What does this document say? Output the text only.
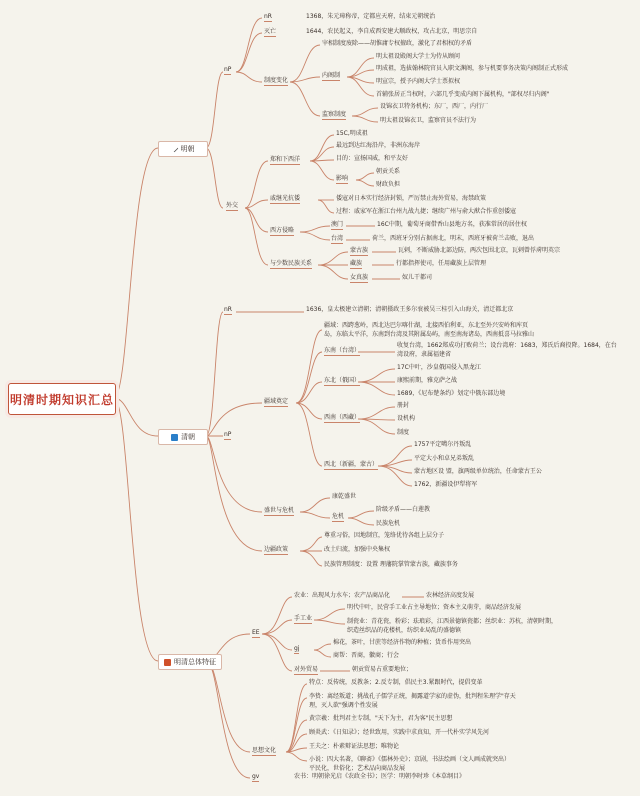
明清时期知识汇总
明朝
清朝
明清总体特征
nP
外交
nR	1368，朱元璋称帝，定都应天府，结束元朝统治
灭亡	1644，农民起义，李自成西安建大顺政权，攻占北京，明思宗自
制度变化
宰相制度废除——胡惟庸专权擅政，激化了君相权的矛盾
内阁制
明太祖设殿阁大学士为侍从顾问
明成祖，选拔翰林院官员入职文渊阁，参与机要事务决策内阁制正式形成
明宣宗，授予内阁大学士票拟权
首辅张居正当权时，六部几乎变成内阁下属机构，"部权尽归内阁"
监察制度
设锦衣卫特务机构；东厂，西厂，内行厂
明太祖设锦衣卫，监察官员不法行为
郑和下西洋
15C,明成祖
最远到达红海沿岸，非洲东海岸
目的：宣扬国威，和平友好
影响
朝贡关系
财政负担
戚继光抗倭	倭寇对日本实行经济封锁，严厉禁止海外贸易，海禁政策
过程：戚家军在浙江台州九战九捷；继续广州与俞大猷合作重创倭寇
西方侵略
澳门	16C中期，葡萄牙商借香山县地方名，获准常居的居住权
台湾	荷兰，西班牙分别占据南北，明末，西班牙被荷兰击败，退出
与少数民族关系
蒙古族	瓦剌，不断威胁北部边防，两次包围北京，瓦剌曾俘虏明英宗
藏族	行都指挥使司，任用藏族上层管理
女真族	奴儿干都司
nR	1636，皇太极建立清朝；清朝摄政王多尔衮被吴三桂引入山海关，清迁都北京
nP
疆域奠定
疆域：西跨葱岭，西北达巴尔喀什湖，北接西伯利亚，东北至外兴安岭和库页
岛，东临太平洋，东南到台湾及其附属岛屿，南至南海诸岛，西南抵喜马拉雅山
东南（台湾）
收复台湾，1662郑成功打败荷兰；设台湾府：1683，郑氏后裔投降。1684，在台
湾设府，隶属福建省
东北（俄国）
17C中叶，沙皇俄国侵入黑龙江
康熙前期，雅克萨之战
1689，《尼布楚条约》划定中俄东部边境
西南（西藏）
册封
设机构
制度
西北（新疆，蒙古）
1757平定噶尔丹叛乱
平定大小和卓兄弟叛乱
蒙古地区设 盟，旗两级单位统治，任命蒙古王公
1762，新疆设伊犁将军
盛世与危机
康乾盛世
危机
阶级矛盾——白莲教
民族危机
边疆政策
尊重习俗，因地制宜，笼络优待各组上层分子
改土归流，加强中央集权
民族管理制度：设置 理藩院掌管蒙古族，藏族事务
EE
农业：出现风力水车；农产品商品化	农林经济高度发展
手工业
明代中叶，民营手工业占主导地位；资本主义萌芽，商品经济发展
制瓷业：青花瓷，粉彩；珐琅彩，江西景德镇瓷都；丝织业：苏杭，清朝时期，
织造丝织品的花楼机，纺织业局乱的盛德镇
gj
棉花，茶叶，甘蔗等经济作物的种植；货币作用突出
商帮：晋商，徽商；行会
对外贸易	朝贡贸易占重要地位；
思想文化
特点：反传统，反教条；2.反专制，倡民主3.紧跟时代，提倡变革
李贽：离经叛道；挑战孔子儒学正统，揭露道学家的虚伪，批判程朱理学"存天
理，灭人欲"强调个性发展
黄宗羲：批判君主专制，"天下为主，君为客"民主思想
顾炎武：《日知录》；经世致用，实践中求真知，开一代朴实学风先河
王夫之：朴素辩证法思想；唯物论
小说：四大名著，《聊斋》《儒林外史》；京剧，书法绘画（文人画成就突出）
平民化，世俗化；艺术品向商品发展
gv	农书：明朝徐光启《农政全书》；医学：明朝李时珍《本草纲目》
